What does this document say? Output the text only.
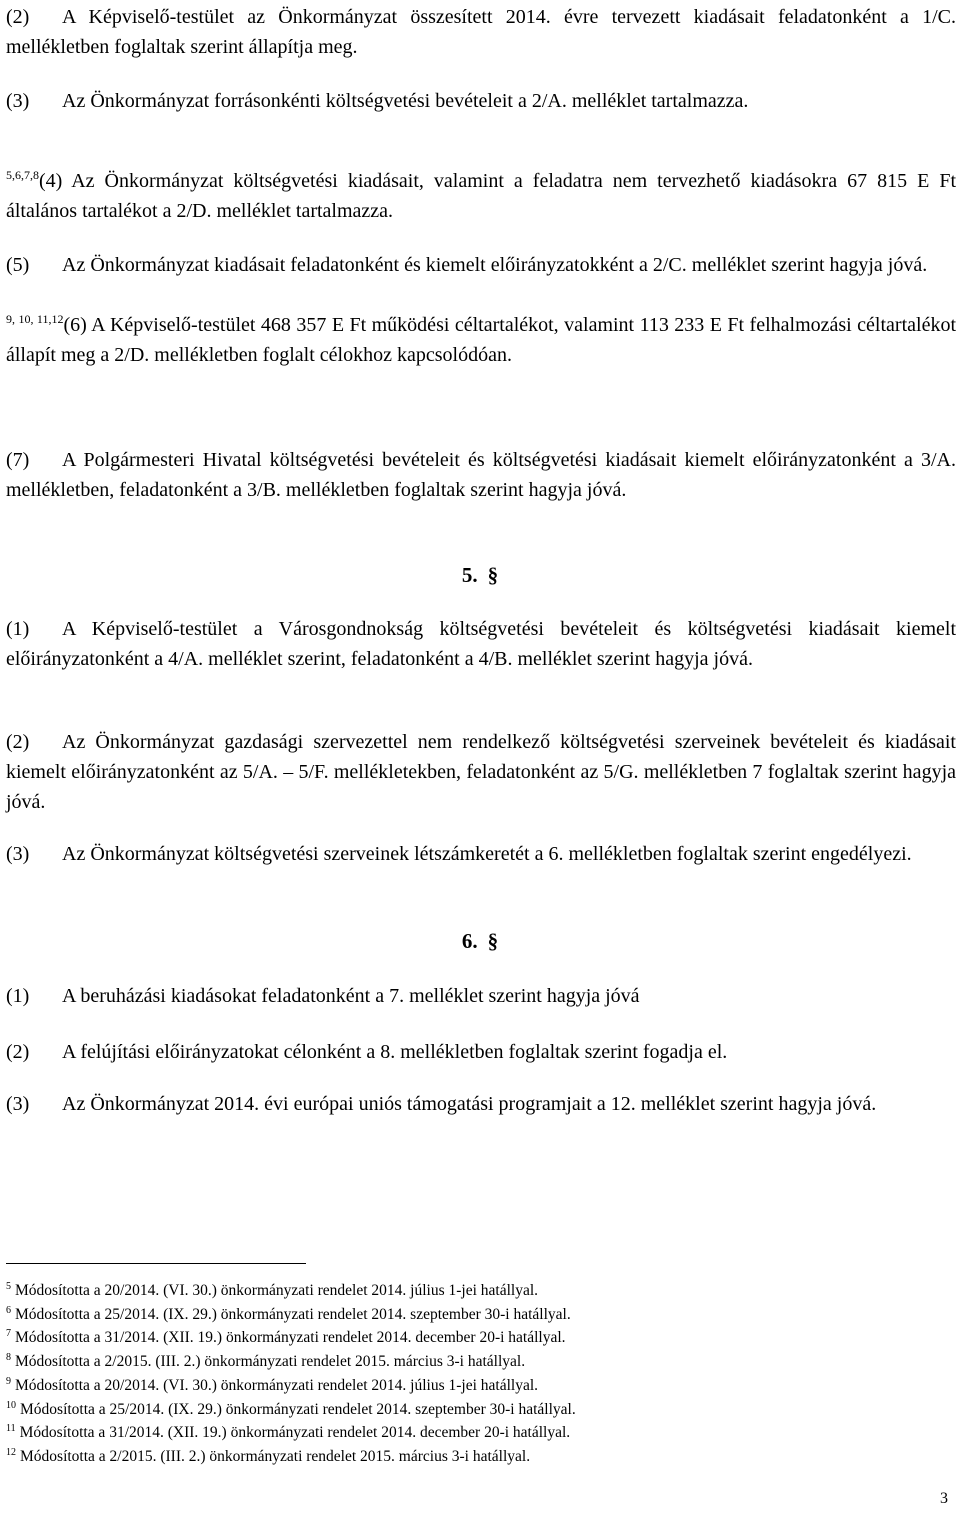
(2) A Képviselő-testület az Önkormányzat összesített 2014. évre tervezett kiadásait feladatonként a 1/C. mellékletben foglaltak szerint állapítja meg.

(3) Az Önkormányzat forrásonkénti költségvetési bevételeit a 2/A. melléklet tartalmazza.

$^{5,6,7,8}$(4) Az Önkormányzat költségvetési kiadásait, valamint a feladatra nem tervezhető kiadásokra 67 815 E Ft általános tartalékot a 2/D. melléklet tartalmazza.

(5) Az Önkormányzat kiadásait feladatonként és kiemelt előirányzatokként a 2/C. melléklet szerint hagyja jóvá.

$^{9, 10, 11,12}$(6) A Képviselő-testület 468 357 E Ft működési céltartalékot, valamint 113 233 E Ft felhalmozási céltartalékot állapít meg a 2/D. mellékletben foglalt célokhoz kapcsolódóan.

(7) A Polgármesteri Hivatal költségvetési bevételeit és költségvetési kiadásait kiemelt előirányzatonként a 3/A. mellékletben, feladatonként a 3/B. mellékletben foglaltak szerint hagyja jóvá.

5. §

(1) A Képviselő-testület a Városgondnokság költségvetési bevételeit és költségvetési kiadásait kiemelt előirányzatonként a 4/A. melléklet szerint, feladatonként a 4/B. melléklet szerint hagyja jóvá.

(2) Az Önkormányzat gazdasági szervezettel nem rendelkező költségvetési szerveinek bevételeit és kiadásait kiemelt előirányzatonként az 5/A. – 5/F. mellékletekben, feladatonként az 5/G. mellékletben 7 foglaltak szerint hagyja jóvá.

(3) Az Önkormányzat költségvetési szerveinek létszámkeretét a 6. mellékletben foglaltak szerint engedélyezi.

6. §

(1) A beruházási kiadásokat feladatonként a 7. melléklet szerint hagyja jóvá

(2) A felújítási előirányzatokat célonként a 8. mellékletben foglaltak szerint fogadja el.

(3) Az Önkormányzat 2014. évi európai uniós támogatási programjait a 12. melléklet szerint hagyja jóvá.

$^5$ Módosította a 20/2014. (VI. 30.) önkormányzati rendelet 2014. július 1-jei hatállyal.
$^6$ Módosította a 25/2014. (IX. 29.) önkormányzati rendelet 2014. szeptember 30-i hatállyal.
$^7$ Módosította a 31/2014. (XII. 19.) önkormányzati rendelet 2014. december 20-i hatállyal.
$^8$ Módosította a 2/2015. (III. 2.) önkormányzati rendelet 2015. március 3-i hatállyal.
$^9$ Módosította a 20/2014. (VI. 30.) önkormányzati rendelet 2014. július 1-jei hatállyal.
$^{10}$ Módosította a 25/2014. (IX. 29.) önkormányzati rendelet 2014. szeptember 30-i hatállyal.
$^{11}$ Módosította a 31/2014. (XII. 19.) önkormányzati rendelet 2014. december 20-i hatállyal.
$^{12}$ Módosította a 2/2015. (III. 2.) önkormányzati rendelet 2015. március 3-i hatállyal.
3
